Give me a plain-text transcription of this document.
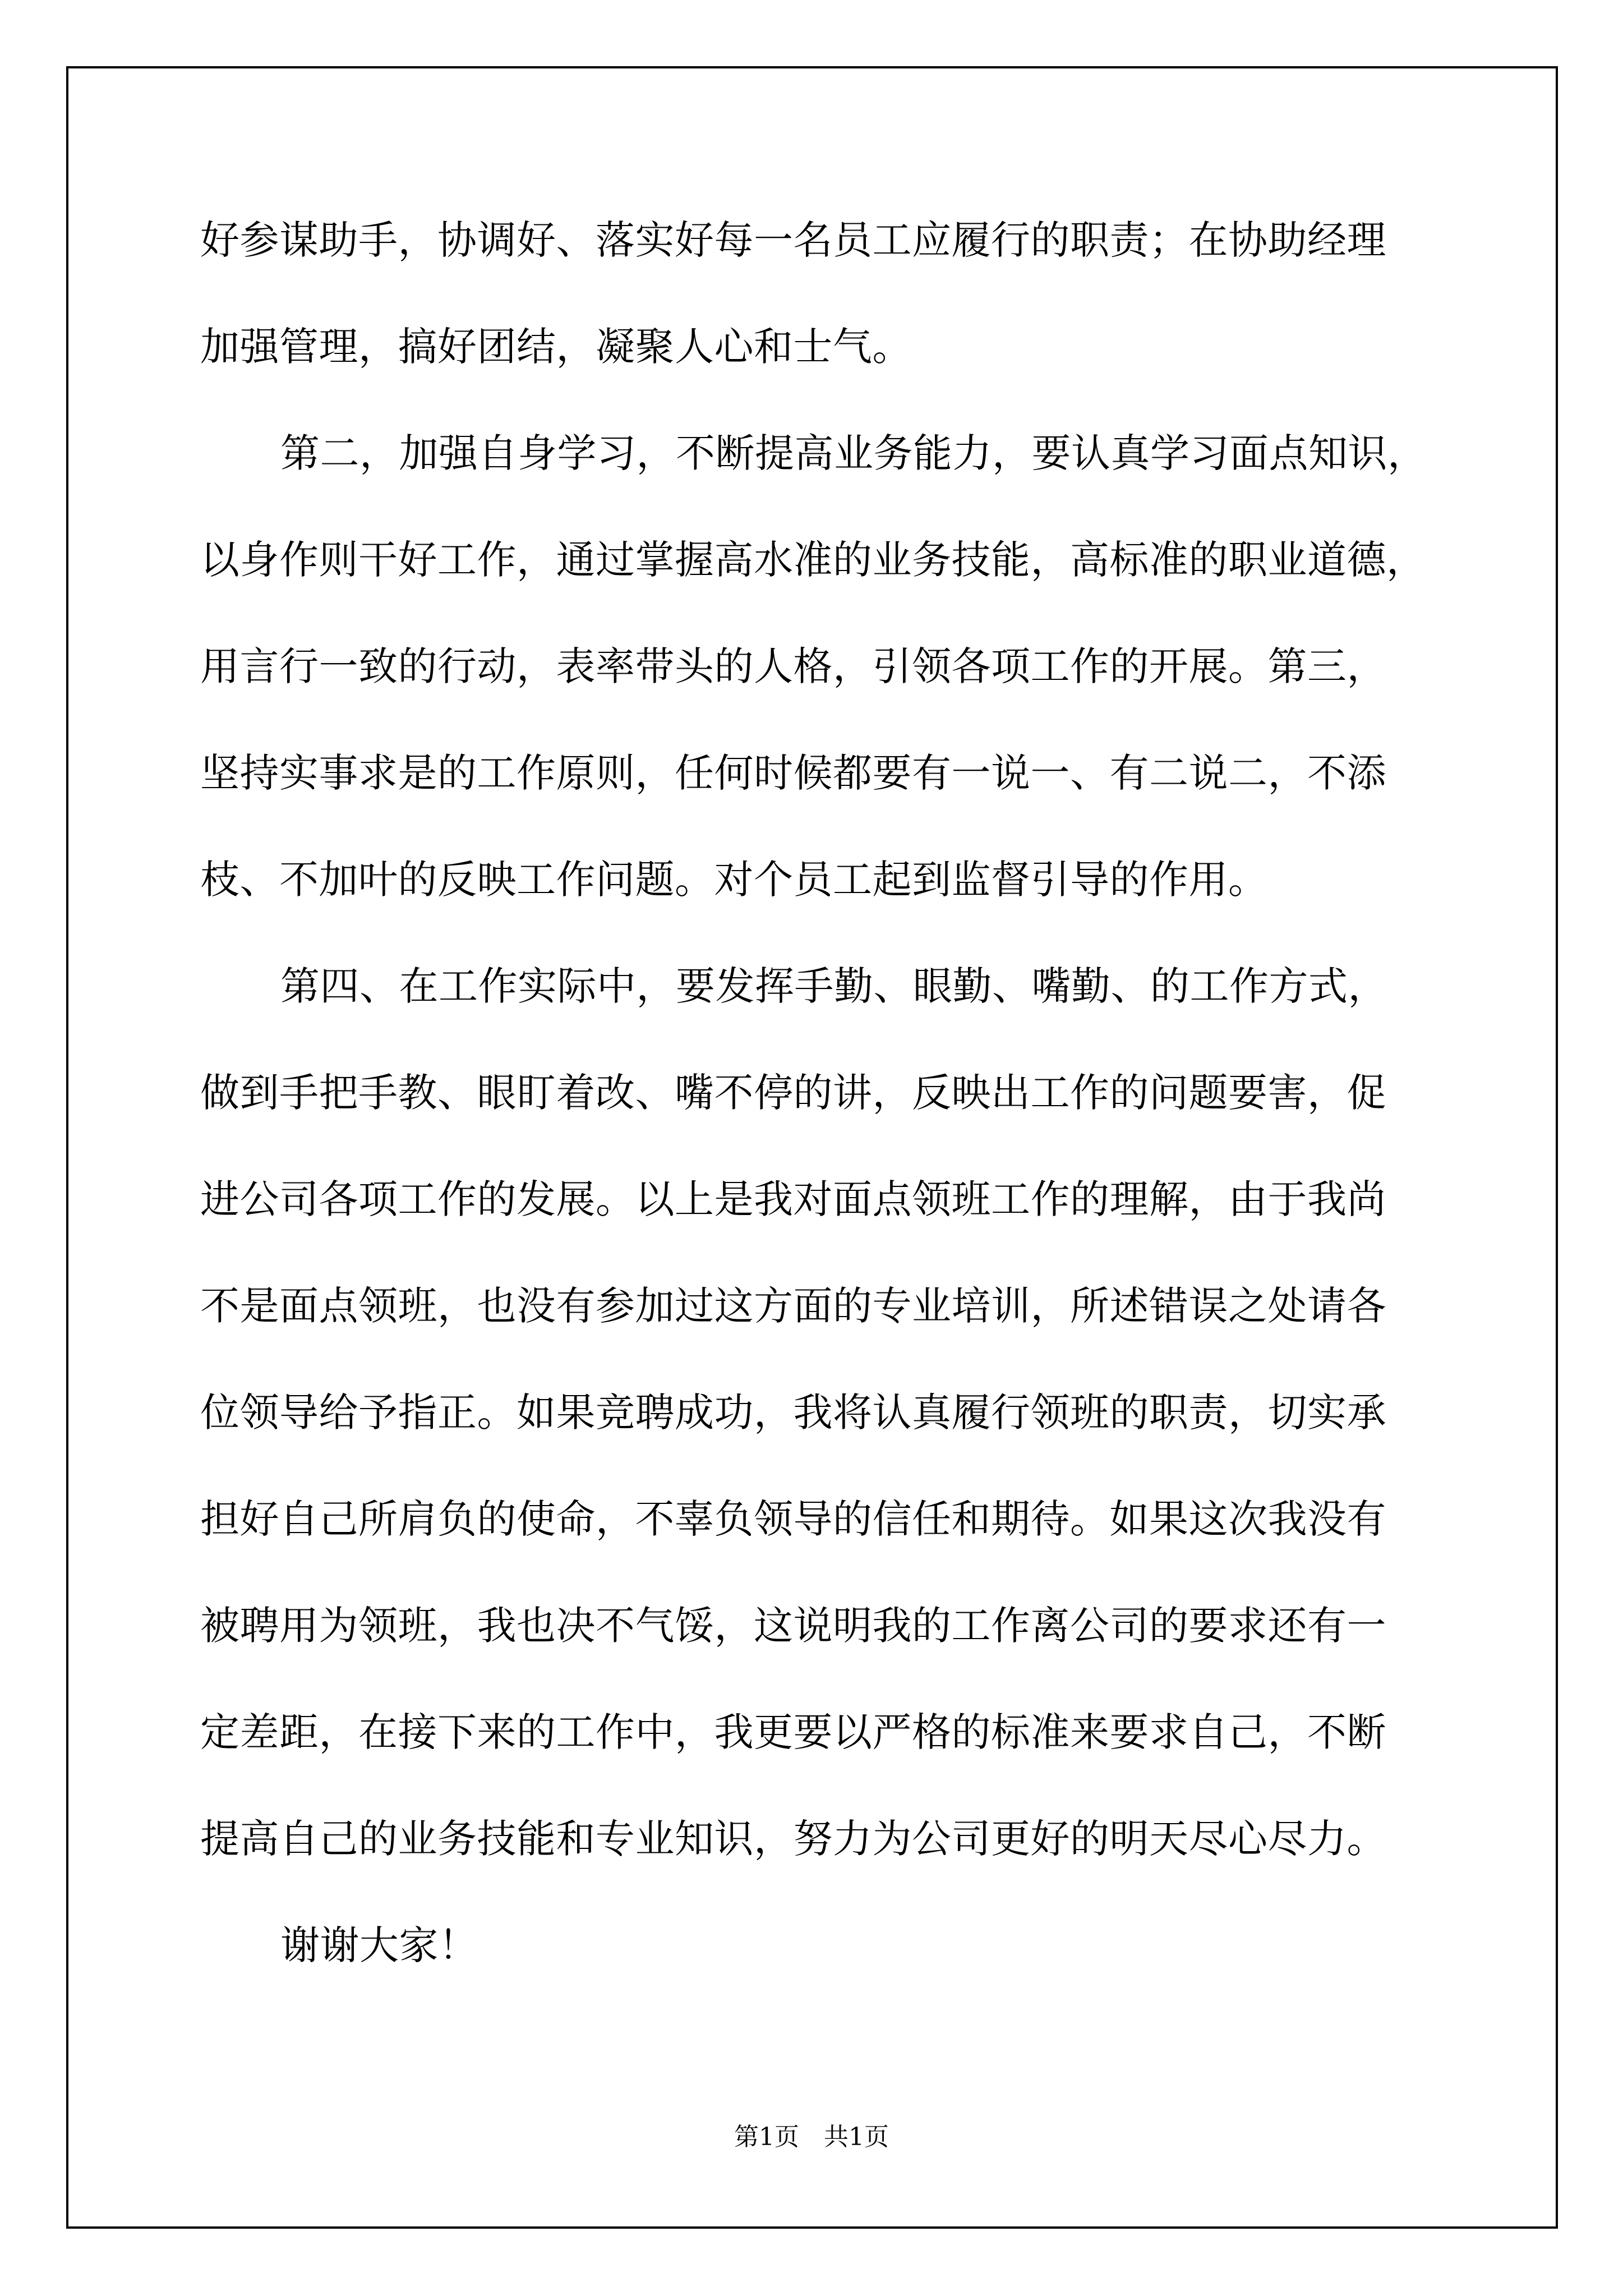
好参谋助手，协调好、落实好每一名员工应履行的职责；在协助经理
加强管理，搞好团结，凝聚人心和士气。
第二，加强自身学习，不断提高业务能力，要认真学习面点知识，
以身作则干好工作，通过掌握高水准的业务技能，高标准的职业道德，
用言行一致的行动，表率带头的人格，引领各项工作的开展。第三，
坚持实事求是的工作原则，任何时候都要有一说一、有二说二，不添
枝、不加叶的反映工作问题。对个员工起到监督引导的作用。
第四、在工作实际中，要发挥手勤、眼勤、嘴勤、的工作方式，
做到手把手教、眼盯着改、嘴不停的讲，反映出工作的问题要害，促
进公司各项工作的发展。以上是我对面点领班工作的理解，由于我尚
不是面点领班，也没有参加过这方面的专业培训，所述错误之处请各
位领导给予指正。如果竞聘成功，我将认真履行领班的职责，切实承
担好自己所肩负的使命，不辜负领导的信任和期待。如果这次我没有
被聘用为领班，我也决不气馁，这说明我的工作离公司的要求还有一
定差距，在接下来的工作中，我更要以严格的标准来要求自己，不断
提高自己的业务技能和专业知识，努力为公司更好的明天尽心尽力。
谢谢大家！
第1页 共1页
